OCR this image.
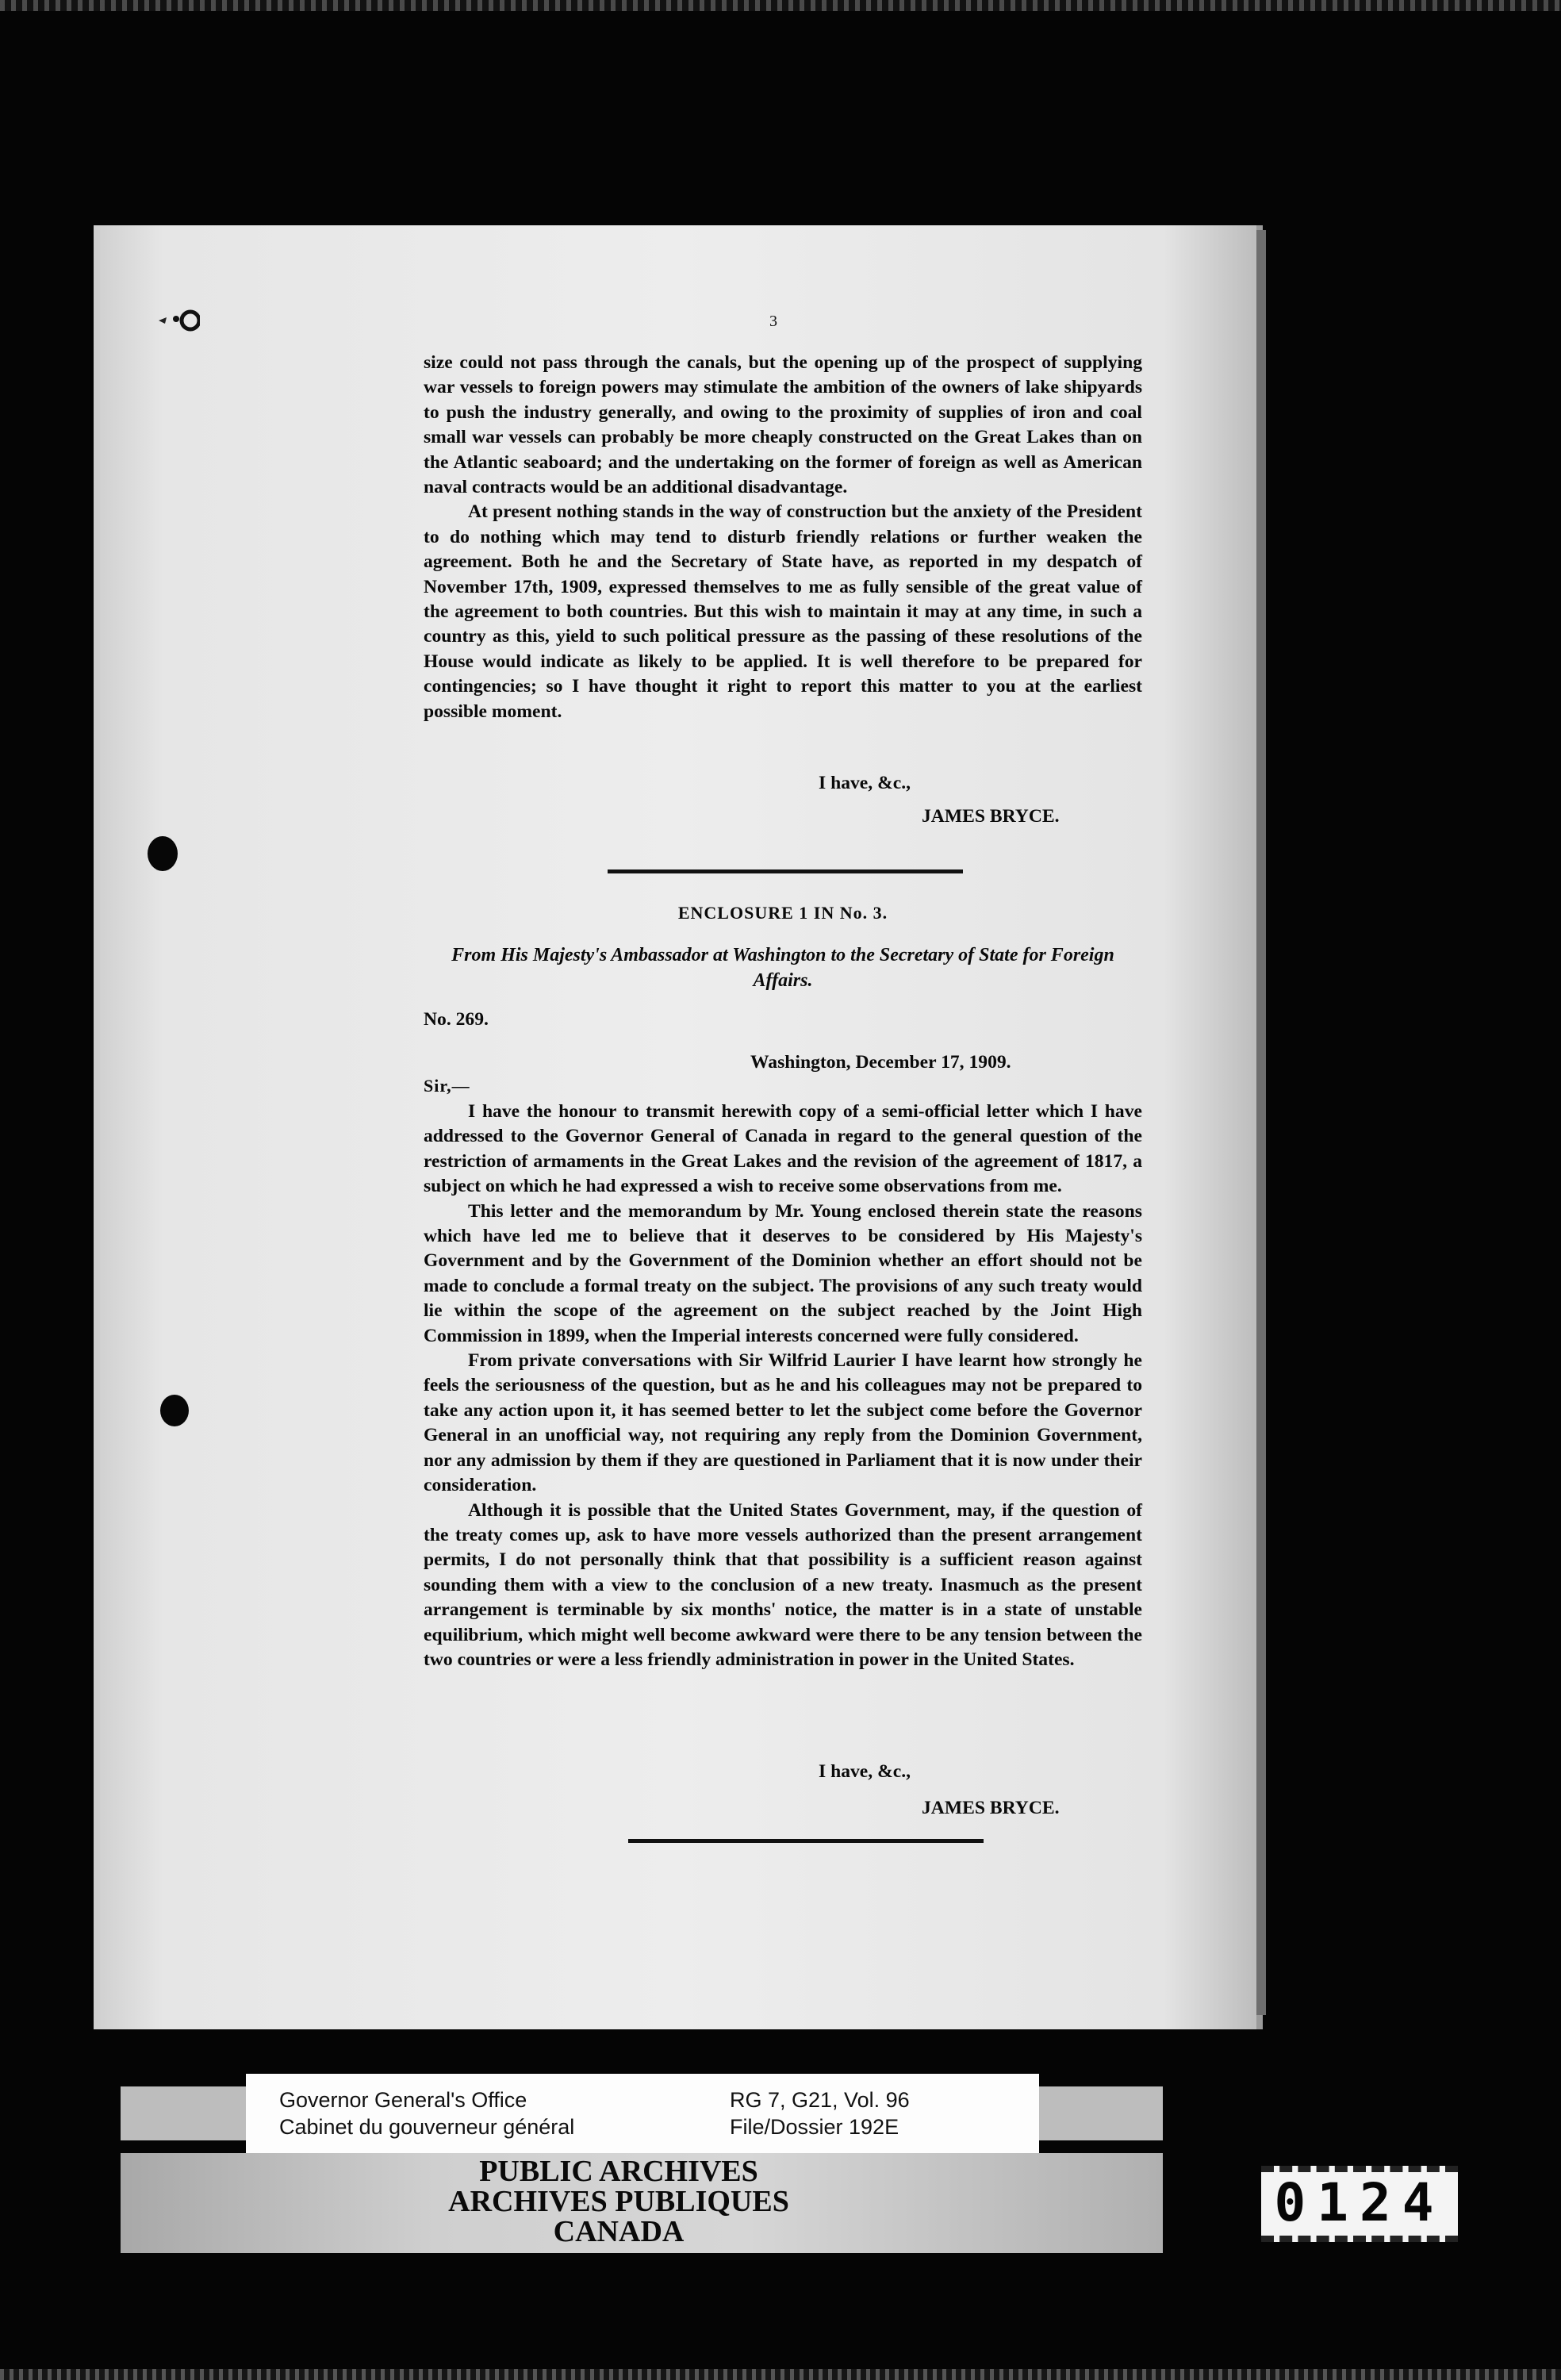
3

size could not pass through the canals, but the opening up of the prospect of supplying war vessels to foreign powers may stimulate the ambition of the owners of lake shipyards to push the industry generally, and owing to the proximity of supplies of iron and coal small war vessels can probably be more cheaply constructed on the Great Lakes than on the Atlantic seaboard; and the undertaking on the former of foreign as well as American naval contracts would be an additional disadvantage.

At present nothing stands in the way of construction but the anxiety of the President to do nothing which may tend to disturb friendly relations or further weaken the agreement. Both he and the Secretary of State have, as reported in my despatch of November 17th, 1909, expressed themselves to me as fully sensible of the great value of the agreement to both countries. But this wish to maintain it may at any time, in such a country as this, yield to such political pressure as the passing of these resolutions of the House would indicate as likely to be applied. It is well therefore to be prepared for contingencies; so I have thought it right to report this matter to you at the earliest possible moment.

I have, &c.,
JAMES BRYCE.
ENCLOSURE 1 IN No. 3.
From His Majesty's Ambassador at Washington to the Secretary of State for Foreign Affairs.
No. 269.
Washington, December 17, 1909.
Sir,—

I have the honour to transmit herewith copy of a semi-official letter which I have addressed to the Governor General of Canada in regard to the general question of the restriction of armaments in the Great Lakes and the revision of the agreement of 1817, a subject on which he had expressed a wish to receive some observations from me.

This letter and the memorandum by Mr. Young enclosed therein state the reasons which have led me to believe that it deserves to be considered by His Majesty's Government and by the Government of the Dominion whether an effort should not be made to conclude a formal treaty on the subject. The provisions of any such treaty would lie within the scope of the agreement on the subject reached by the Joint High Commission in 1899, when the Imperial interests concerned were fully considered.

From private conversations with Sir Wilfrid Laurier I have learnt how strongly he feels the seriousness of the question, but as he and his colleagues may not be prepared to take any action upon it, it has seemed better to let the subject come before the Governor General in an unofficial way, not requiring any reply from the Dominion Government, nor any admission by them if they are questioned in Parliament that it is now under their consideration.

Although it is possible that the United States Government, may, if the question of the treaty comes up, ask to have more vessels authorized than the present arrangement permits, I do not personally think that that possibility is a sufficient reason against sounding them with a view to the conclusion of a new treaty. Inasmuch as the present arrangement is terminable by six months' notice, the matter is in a state of unstable equilibrium, which might well become awkward were there to be any tension between the two countries or were a less friendly administration in power in the United States.

I have, &c.,
JAMES BRYCE.
Governor General's Office
Cabinet du gouverneur général
RG 7, G21, Vol. 96
File/Dossier 192E
PUBLIC ARCHIVES
ARCHIVES PUBLIQUES
CANADA	0124
